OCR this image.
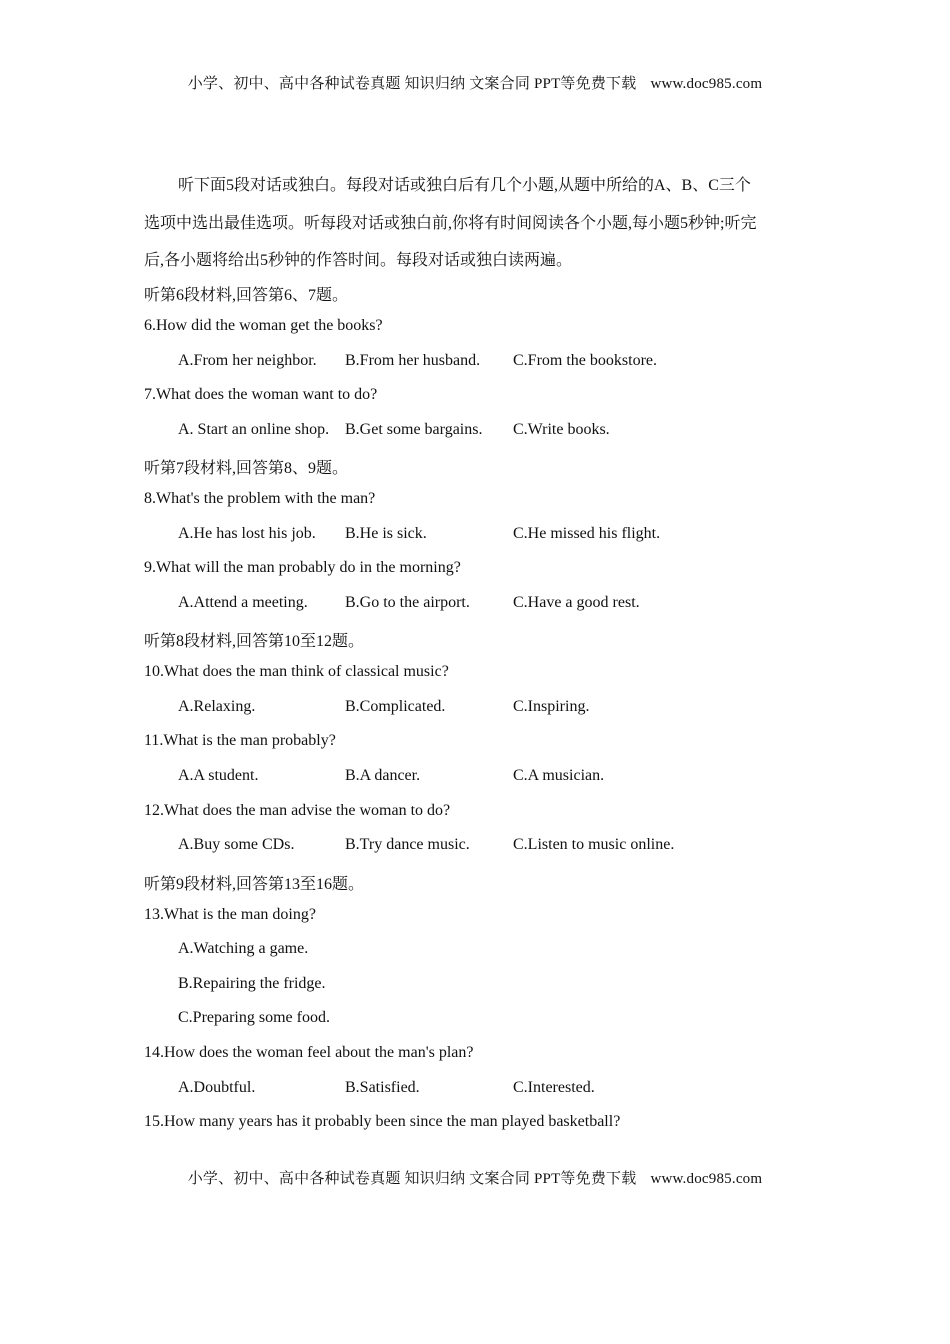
小学、初中、高中各种试卷真题 知识归纳 文案合同 PPT等免费下载 www.doc985.com
听下面5段对话或独白。每段对话或独白后有几个小题,从题中所给的A、B、C三个
选项中选出最佳选项。听每段对话或独白前,你将有时间阅读各个小题,每小题5秒钟;听完
后,各小题将给出5秒钟的作答时间。每段对话或独白读两遍。
听第6段材料,回答第6、7题。
6.How did the woman get the books?
A.From her neighbor. B.From her husband. C.From the bookstore.
7.What does the woman want to do?
A. Start an online shop. B.Get some bargains. C.Write books.
听第7段材料,回答第8、9题。
8.What's the problem with the man?
A.He has lost his job. B.He is sick.	C.He missed his flight.
9.What will the man probably do in the morning?
A.Attend a meeting. B.Go to the airport.	C.Have a good rest.
听第8段材料,回答第10至12题。
10.What does the man think of classical music?
A.Relaxing.	B.Complicated.	C.Inspiring.
11.What is the man probably?
A.A student.	B.A dancer.	C.A musician.
12.What does the man advise the woman to do?
A.Buy some CDs.	B.Try dance music.	C.Listen to music online.
听第9段材料,回答第13至16题。
13.What is the man doing?
A.Watching a game.
B.Repairing the fridge.
C.Preparing some food.
14.How does the woman feel about the man's plan?
A.Doubtful.	B.Satisfied.	C.Interested.
15.How many years has it probably been since the man played basketball?
小学、初中、高中各种试卷真题 知识归纳 文案合同 PPT等免费下载 www.doc985.com
